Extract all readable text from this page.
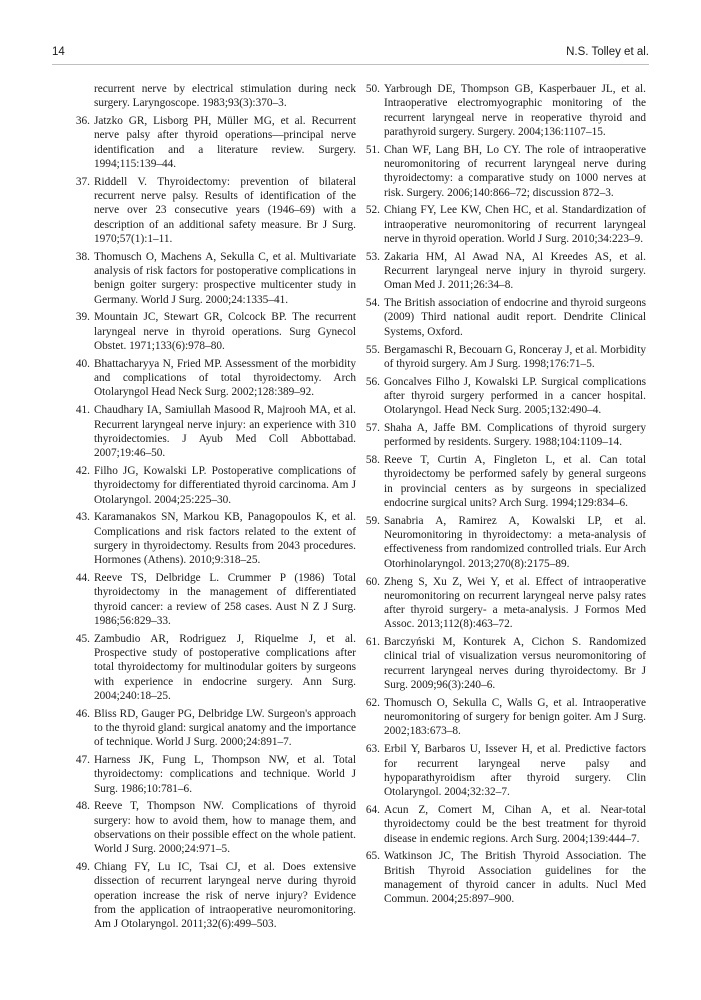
14	N.S. Tolley et al.

recurrent nerve by electrical stimulation during neck surgery. Laryngoscope. 1983;93(3):370–3.

36. Jatzko GR, Lisborg PH, Müller MG, et al. Recurrent nerve palsy after thyroid operations—principal nerve identification and a literature review. Surgery. 1994;115:139–44.

37. Riddell V. Thyroidectomy: prevention of bilateral recurrent nerve palsy. Results of identification of the nerve over 23 consecutive years (1946–69) with a description of an additional safety measure. Br J Surg. 1970;57(1):1–11.

38. Thomusch O, Machens A, Sekulla C, et al. Multivariate analysis of risk factors for postoperative complications in benign goiter surgery: prospective multicenter study in Germany. World J Surg. 2000;24:1335–41.

39. Mountain JC, Stewart GR, Colcock BP. The recurrent laryngeal nerve in thyroid operations. Surg Gynecol Obstet. 1971;133(6):978–80.

40. Bhattacharyya N, Fried MP. Assessment of the morbidity and complications of total thyroidectomy. Arch Otolaryngol Head Neck Surg. 2002;128:389–92.

41. Chaudhary IA, Samiullah Masood R, Majrooh MA, et al. Recurrent laryngeal nerve injury: an experience with 310 thyroidectomies. J Ayub Med Coll Abbottabad. 2007;19:46–50.

42. Filho JG, Kowalski LP. Postoperative complications of thyroidectomy for differentiated thyroid carcinoma. Am J Otolaryngol. 2004;25:225–30.

43. Karamanakos SN, Markou KB, Panagopoulos K, et al. Complications and risk factors related to the extent of surgery in thyroidectomy. Results from 2043 procedures. Hormones (Athens). 2010;9:318–25.

44. Reeve TS, Delbridge L. Crummer P (1986) Total thyroidectomy in the management of differentiated thyroid cancer: a review of 258 cases. Aust N Z J Surg. 1986;56:829–33.

45. Zambudio AR, Rodriguez J, Riquelme J, et al. Prospective study of postoperative complications after total thyroidectomy for multinodular goiters by surgeons with experience in endocrine surgery. Ann Surg. 2004;240:18–25.

46. Bliss RD, Gauger PG, Delbridge LW. Surgeon's approach to the thyroid gland: surgical anatomy and the importance of technique. World J Surg. 2000;24:891–7.

47. Harness JK, Fung L, Thompson NW, et al. Total thyroidectomy: complications and technique. World J Surg. 1986;10:781–6.

48. Reeve T, Thompson NW. Complications of thyroid surgery: how to avoid them, how to manage them, and observations on their possible effect on the whole patient. World J Surg. 2000;24:971–5.

49. Chiang FY, Lu IC, Tsai CJ, et al. Does extensive dissection of recurrent laryngeal nerve during thyroid operation increase the risk of nerve injury? Evidence from the application of intraoperative neuromonitoring. Am J Otolaryngol. 2011;32(6):499–503.

50. Yarbrough DE, Thompson GB, Kasperbauer JL, et al. Intraoperative electromyographic monitoring of the recurrent laryngeal nerve in reoperative thyroid and parathyroid surgery. Surgery. 2004;136:1107–15.

51. Chan WF, Lang BH, Lo CY. The role of intraoperative neuromonitoring of recurrent laryngeal nerve during thyroidectomy: a comparative study on 1000 nerves at risk. Surgery. 2006;140:866–72; discussion 872–3.

52. Chiang FY, Lee KW, Chen HC, et al. Standardization of intraoperative neuromonitoring of recurrent laryngeal nerve in thyroid operation. World J Surg. 2010;34:223–9.

53. Zakaria HM, Al Awad NA, Al Kreedes AS, et al. Recurrent laryngeal nerve injury in thyroid surgery. Oman Med J. 2011;26:34–8.

54. The British association of endocrine and thyroid surgeons (2009) Third national audit report. Dendrite Clinical Systems, Oxford.

55. Bergamaschi R, Becouarn G, Ronceray J, et al. Morbidity of thyroid surgery. Am J Surg. 1998;176:71–5.

56. Goncalves Filho J, Kowalski LP. Surgical complications after thyroid surgery performed in a cancer hospital. Otolaryngol. Head Neck Surg. 2005;132:490–4.

57. Shaha A, Jaffe BM. Complications of thyroid surgery performed by residents. Surgery. 1988;104:1109–14.

58. Reeve T, Curtin A, Fingleton L, et al. Can total thyroidectomy be performed safely by general surgeons in provincial centers as by surgeons in specialized endocrine surgical units? Arch Surg. 1994;129:834–6.

59. Sanabria A, Ramirez A, Kowalski LP, et al. Neuromonitoring in thyroidectomy: a meta-analysis of effectiveness from randomized controlled trials. Eur Arch Otorhinolaryngol. 2013;270(8):2175–89.

60. Zheng S, Xu Z, Wei Y, et al. Effect of intraoperative neuromonitoring on recurrent laryngeal nerve palsy rates after thyroid surgery- a meta-analysis. J Formos Med Assoc. 2013;112(8):463–72.

61. Barczyński M, Konturek A, Cichon S. Randomized clinical trial of visualization versus neuromonitoring of recurrent laryngeal nerves during thyroidectomy. Br J Surg. 2009;96(3):240–6.

62. Thomusch O, Sekulla C, Walls G, et al. Intraoperative neuromonitoring of surgery for benign goiter. Am J Surg. 2002;183:673–8.

63. Erbil Y, Barbaros U, Issever H, et al. Predictive factors for recurrent laryngeal nerve palsy and hypoparathyroidism after thyroid surgery. Clin Otolaryngol. 2004;32:32–7.

64. Acun Z, Comert M, Cihan A, et al. Near-total thyroidectomy could be the best treatment for thyroid disease in endemic regions. Arch Surg. 2004;139:444–7.

65. Watkinson JC, The British Thyroid Association. The British Thyroid Association guidelines for the management of thyroid cancer in adults. Nucl Med Commun. 2004;25:897–900.
